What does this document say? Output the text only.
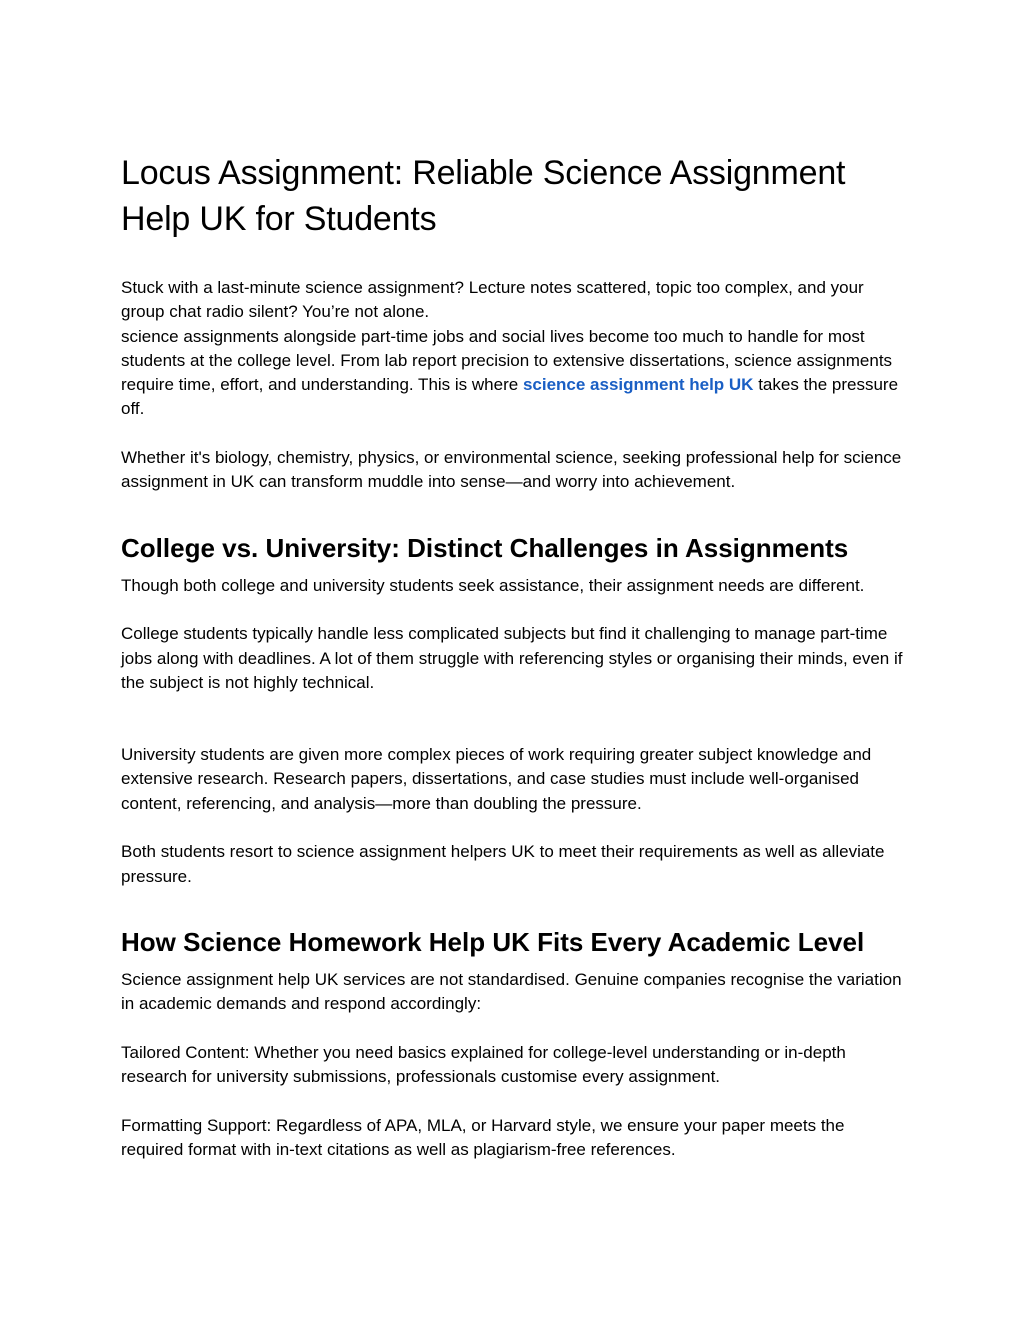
Locus Assignment: Reliable Science Assignment Help UK for Students

Stuck with a last-minute science assignment? Lecture notes scattered, topic too complex, and your group chat radio silent? You’re not alone.

science assignments alongside part-time jobs and social lives become too much to handle for most students at the college level. From lab report precision to extensive dissertations, science assignments require time, effort, and understanding. This is where science assignment help UK takes the pressure off.

Whether it's biology, chemistry, physics, or environmental science, seeking professional help for science assignment in UK can transform muddle into sense—and worry into achievement.

College vs. University: Distinct Challenges in Assignments

Though both college and university students seek assistance, their assignment needs are different.

College students typically handle less complicated subjects but find it challenging to manage part-time jobs along with deadlines. A lot of them struggle with referencing styles or organising their minds, even if the subject is not highly technical.

University students are given more complex pieces of work requiring greater subject knowledge and extensive research. Research papers, dissertations, and case studies must include well-organised content, referencing, and analysis—more than doubling the pressure.

Both students resort to science assignment helpers UK to meet their requirements as well as alleviate pressure.

How Science Homework Help UK Fits Every Academic Level

Science assignment help UK services are not standardised. Genuine companies recognise the variation in academic demands and respond accordingly:

Tailored Content: Whether you need basics explained for college-level understanding or in-depth research for university submissions, professionals customise every assignment.

Formatting Support: Regardless of APA, MLA, or Harvard style, we ensure your paper meets the required format with in-text citations as well as plagiarism-free references.
